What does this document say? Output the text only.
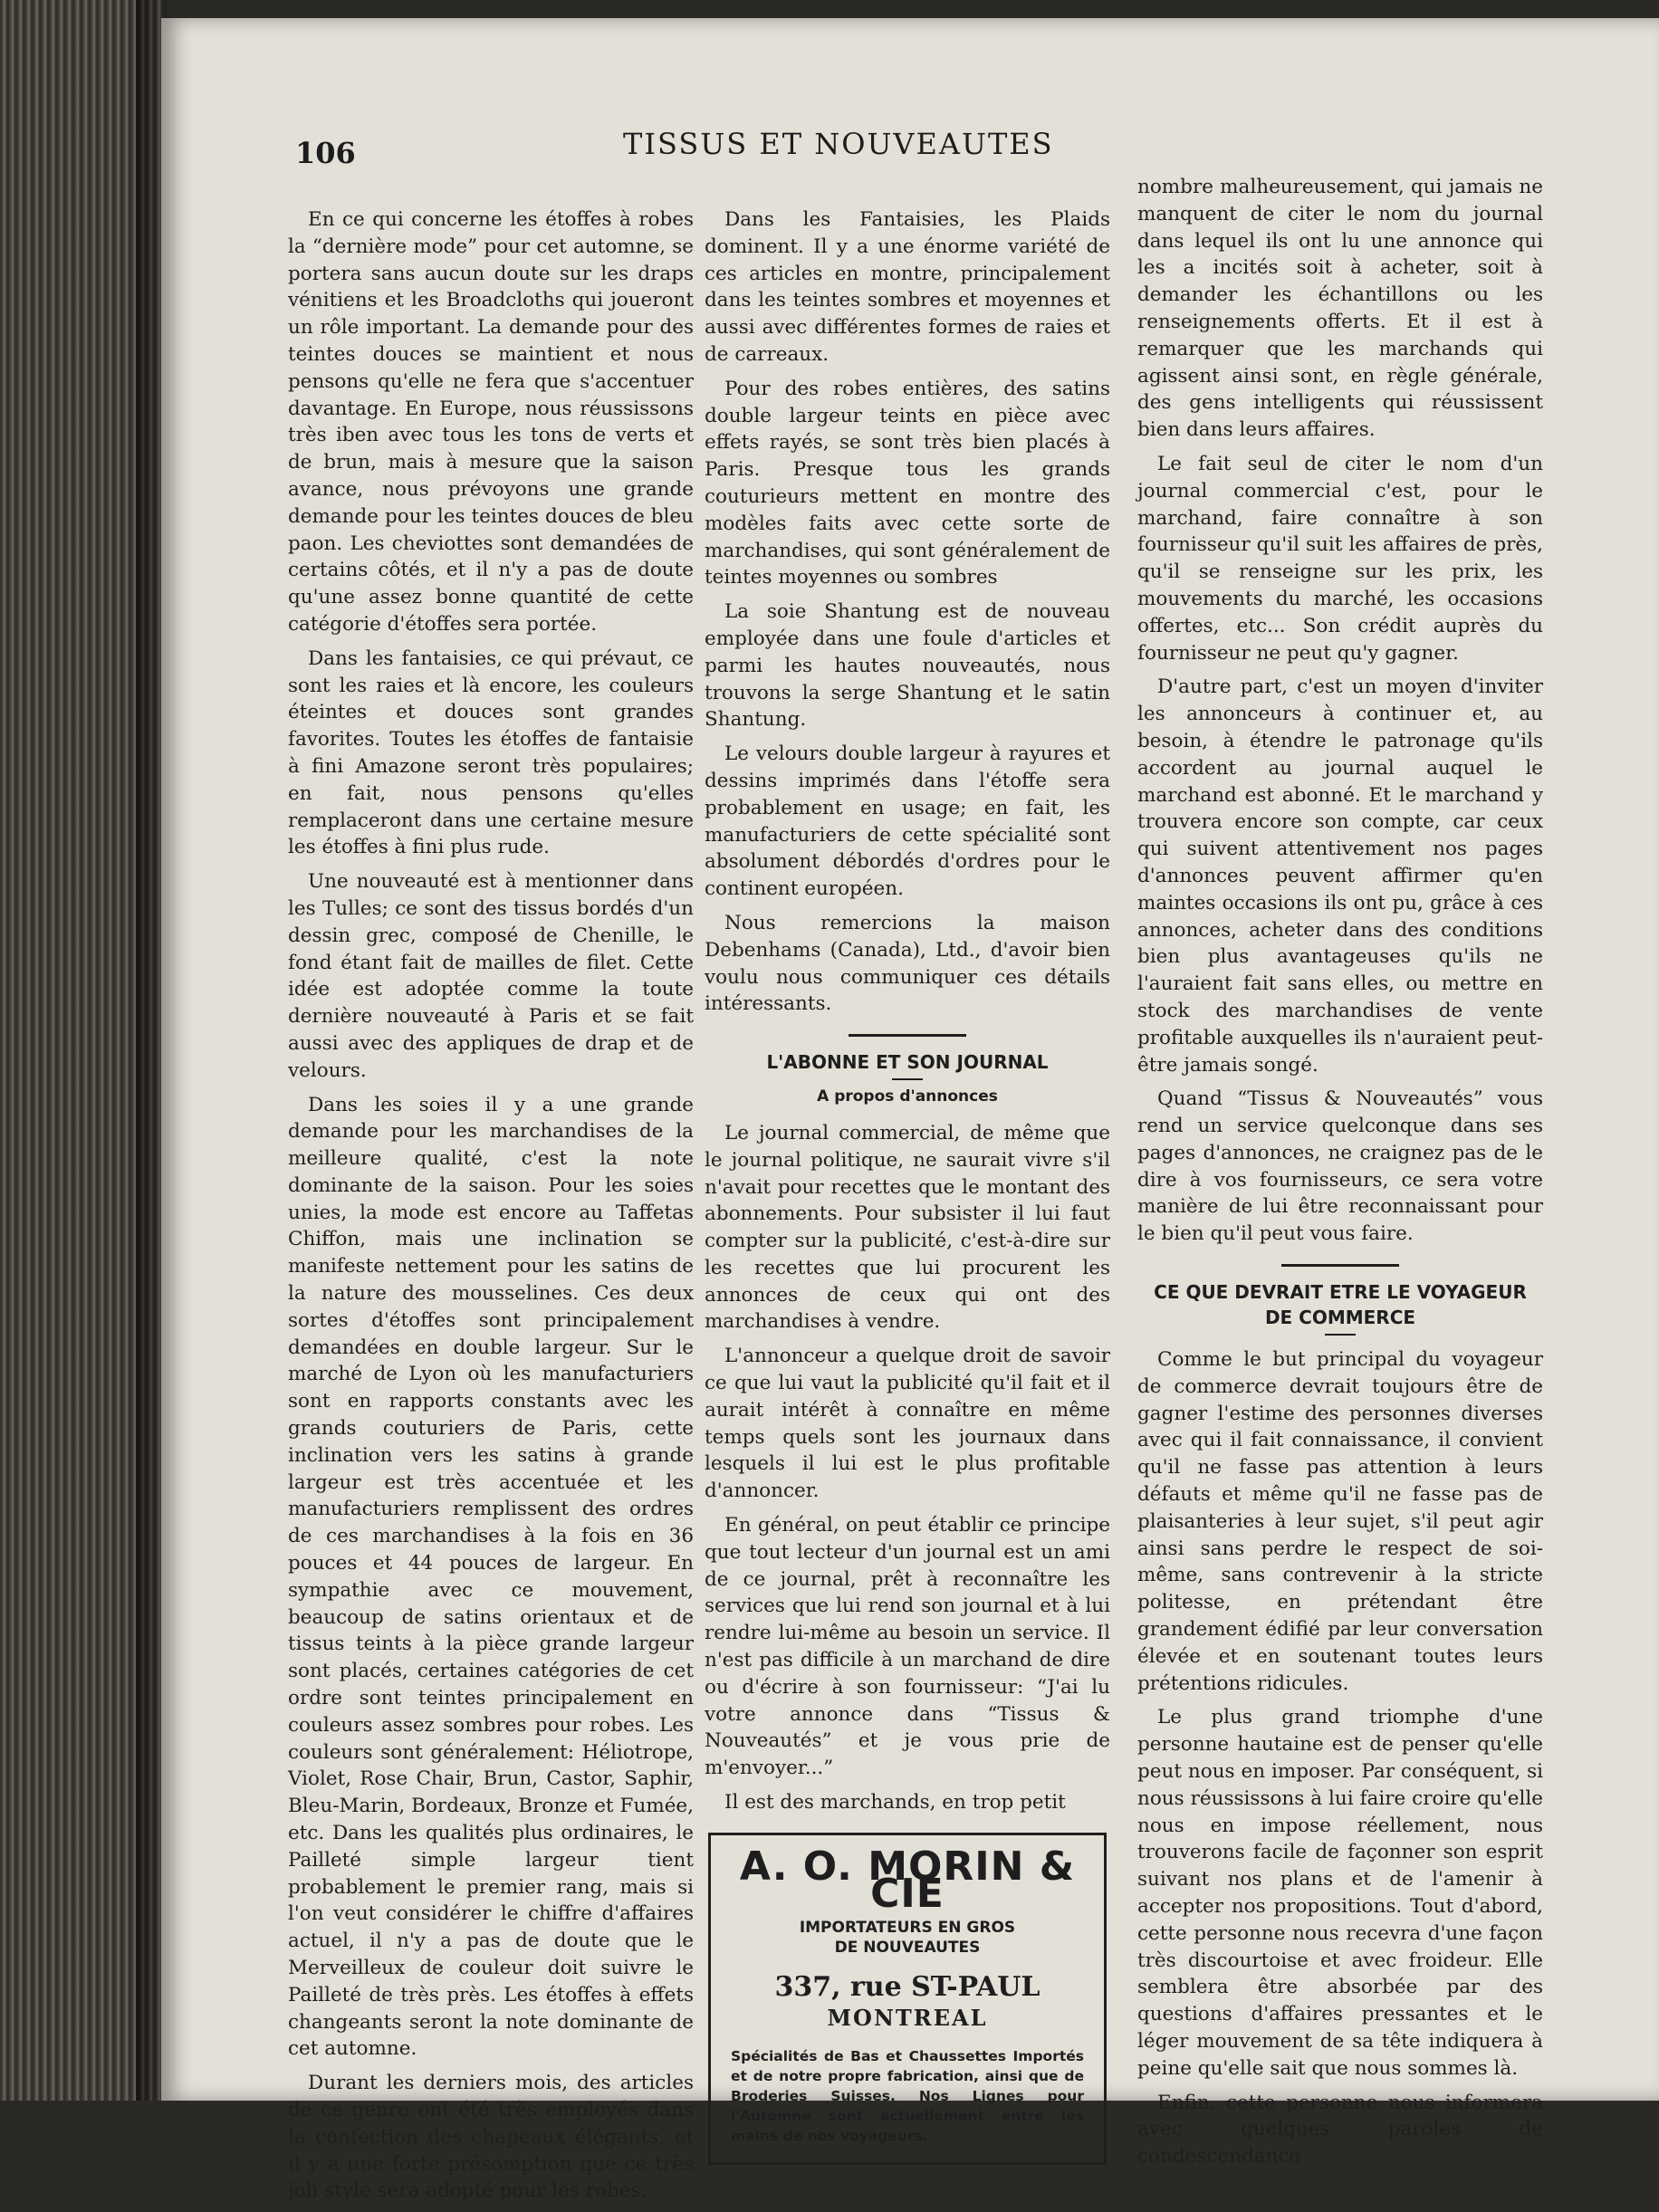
106	TISSUS ET NOUVEAUTES

En ce qui concerne les étoffes à robes la “dernière mode” pour cet automne, se portera sans aucun doute sur les draps vénitiens et les Broadcloths qui joueront un rôle important. La demande pour des teintes douces se maintient et nous pensons qu'elle ne fera que s'accentuer davantage. En Europe, nous réussissons très iben avec tous les tons de verts et de brun, mais à mesure que la saison avance, nous prévoyons une grande demande pour les teintes douces de bleu paon. Les cheviottes sont demandées de certains côtés, et il n'y a pas de doute qu'une assez bonne quantité de cette catégorie d'étoffes sera portée.

Dans les fantaisies, ce qui prévaut, ce sont les raies et là encore, les couleurs éteintes et douces sont grandes favorites. Toutes les étoffes de fantaisie à fini Amazone seront très populaires; en fait, nous pensons qu'elles remplaceront dans une certaine mesure les étoffes à fini plus rude.

Une nouveauté est à mentionner dans les Tulles; ce sont des tissus bordés d'un dessin grec, composé de Chenille, le fond étant fait de mailles de filet. Cette idée est adoptée comme la toute dernière nouveauté à Paris et se fait aussi avec des appliques de drap et de velours.

Dans les soies il y a une grande demande pour les marchandises de la meilleure qualité, c'est la note dominante de la saison. Pour les soies unies, la mode est encore au Taffetas Chiffon, mais une inclination se manifeste nettement pour les satins de la nature des mousselines. Ces deux sortes d'étoffes sont principalement demandées en double largeur. Sur le marché de Lyon où les manufacturiers sont en rapports constants avec les grands couturiers de Paris, cette inclination vers les satins à grande largeur est très accentuée et les manufacturiers remplissent des ordres de ces marchandises à la fois en 36 pouces et 44 pouces de largeur. En sympathie avec ce mouvement, beaucoup de satins orientaux et de tissus teints à la pièce grande largeur sont placés, certaines catégories de cet ordre sont teintes principalement en couleurs assez sombres pour robes. Les couleurs sont généralement: Héliotrope, Violet, Rose Chair, Brun, Castor, Saphir, Bleu-Marin, Bordeaux, Bronze et Fumée, etc. Dans les qualités plus ordinaires, le Pailleté simple largeur tient probablement le premier rang, mais si l'on veut considérer le chiffre d'affaires actuel, il n'y a pas de doute que le Merveilleux de couleur doit suivre le Pailleté de très près. Les étoffes à effets changeants seront la note dominante de cet automne.

Durant les derniers mois, des articles de ce genre ont été très employés dans la confection des chapeaux élégants, et il y a une forte présomption que ce très joli style sera adopté pour les robes.

Dans les Fantaisies, les Plaids dominent. Il y a une énorme variété de ces articles en montre, principalement dans les teintes sombres et moyennes et aussi avec différentes formes de raies et de carreaux.

Pour des robes entières, des satins double largeur teints en pièce avec effets rayés, se sont très bien placés à Paris. Presque tous les grands couturieurs mettent en montre des modèles faits avec cette sorte de marchandises, qui sont généralement de teintes moyennes ou sombres

La soie Shantung est de nouveau employée dans une foule d'articles et parmi les hautes nouveautés, nous trouvons la serge Shantung et le satin Shantung.

Le velours double largeur à rayures et dessins imprimés dans l'étoffe sera probablement en usage; en fait, les manufacturiers de cette spécialité sont absolument débordés d'ordres pour le continent européen.

Nous remercions la maison Debenhams (Canada), Ltd., d'avoir bien voulu nous communiquer ces détails intéressants.

L'ABONNE ET SON JOURNAL
A propos d'annonces

Le journal commercial, de même que le journal politique, ne saurait vivre s'il n'avait pour recettes que le montant des abonnements. Pour subsister il lui faut compter sur la publicité, c'est-à-dire sur les recettes que lui procurent les annonces de ceux qui ont des marchandises à vendre.

L'annonceur a quelque droit de savoir ce que lui vaut la publicité qu'il fait et il aurait intérêt à connaître en même temps quels sont les journaux dans lesquels il lui est le plus profitable d'annoncer.

En général, on peut établir ce principe que tout lecteur d'un journal est un ami de ce journal, prêt à reconnaître les services que lui rend son journal et à lui rendre lui-même au besoin un service. Il n'est pas difficile à un marchand de dire ou d'écrire à son fournisseur: “J'ai lu votre annonce dans “Tissus & Nouveautés” et je vous prie de m'envoyer...”

Il est des marchands, en trop petit

A. O. MORIN & CIE
IMPORTATEURS EN GROS
DE NOUVEAUTES
337, rue ST-PAUL
MONTREAL
Spécialités de Bas et Chaussettes Importés et de notre propre fabrication, ainsi que de Broderies Suisses. Nos Lignes pour l'Automne sont actuellement entre les mains de nos voyageurs.

nombre malheureusement, qui jamais ne manquent de citer le nom du journal dans lequel ils ont lu une annonce qui les a incités soit à acheter, soit à demander les échantillons ou les renseignements offerts. Et il est à remarquer que les marchands qui agissent ainsi sont, en règle générale, des gens intelligents qui réussissent bien dans leurs affaires.

Le fait seul de citer le nom d'un journal commercial c'est, pour le marchand, faire connaître à son fournisseur qu'il suit les affaires de près, qu'il se renseigne sur les prix, les mouvements du marché, les occasions offertes, etc... Son crédit auprès du fournisseur ne peut qu'y gagner.

D'autre part, c'est un moyen d'inviter les annonceurs à continuer et, au besoin, à étendre le patronage qu'ils accordent au journal auquel le marchand est abonné. Et le marchand y trouvera encore son compte, car ceux qui suivent attentivement nos pages d'annonces peuvent affirmer qu'en maintes occasions ils ont pu, grâce à ces annonces, acheter dans des conditions bien plus avantageuses qu'ils ne l'auraient fait sans elles, ou mettre en stock des marchandises de vente profitable auxquelles ils n'auraient peut-être jamais songé.

Quand “Tissus & Nouveautés” vous rend un service quelconque dans ses pages d'annonces, ne craignez pas de le dire à vos fournisseurs, ce sera votre manière de lui être reconnaissant pour le bien qu'il peut vous faire.

CE QUE DEVRAIT ETRE LE VOYAGEUR DE COMMERCE

Comme le but principal du voyageur de commerce devrait toujours être de gagner l'estime des personnes diverses avec qui il fait connaissance, il convient qu'il ne fasse pas attention à leurs défauts et même qu'il ne fasse pas de plaisanteries à leur sujet, s'il peut agir ainsi sans perdre le respect de soi-même, sans contrevenir à la stricte politesse, en prétendant être grandement édifié par leur conversation élevée et en soutenant toutes leurs prétentions ridicules.

Le plus grand triomphe d'une personne hautaine est de penser qu'elle peut nous en imposer. Par conséquent, si nous réussissons à lui faire croire qu'elle nous en impose réellement, nous trouverons facile de façonner son esprit suivant nos plans et de l'amenir à accepter nos propositions. Tout d'abord, cette personne nous recevra d'une façon très discourtoise et avec froideur. Elle semblera être absorbée par des questions d'affaires pressantes et le léger mouvement de sa tête indiquera à peine qu'elle sait que nous sommes là.

Enfin, cette personne nous informera avec quelques paroles de condescendance
